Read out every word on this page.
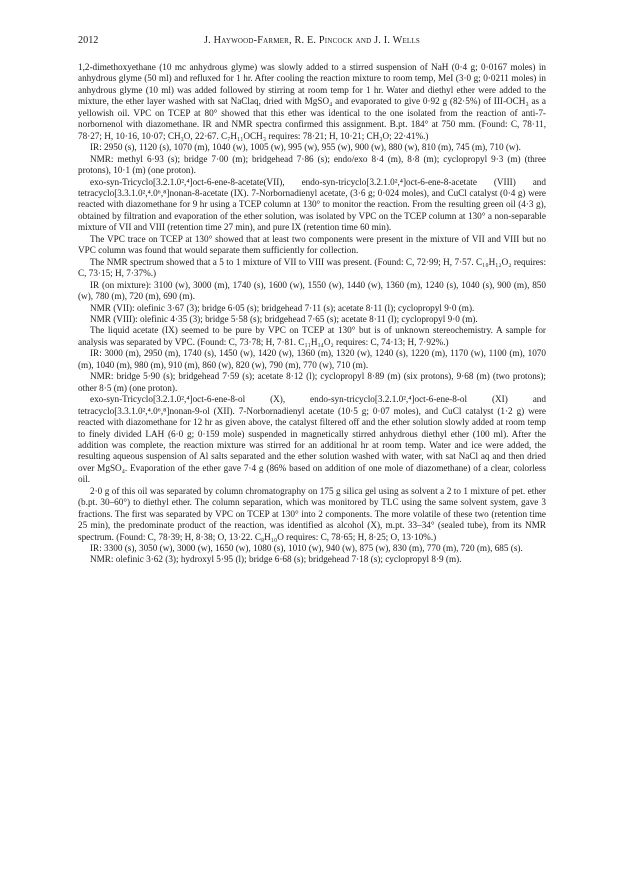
2012	J. Haywood-Farmer, R. E. Pincock and J. I. Wells

1,2-dimethoxyethane (10 mc anhydrous glyme) was slowly added to a stirred suspension of NaH (0·4 g; 0·0167 moles) in anhydrous glyme (50 ml) and refluxed for 1 hr. After cooling the reaction mixture to room temp, MeI (3·0 g; 0·0211 moles) in anhydrous glyme (10 ml) was added followed by stirring at room temp for 1 hr. Water and diethyl ether were added to the mixture, the ether layer washed with sat NaClaq, dried with MgSO₄ and evaporated to give 0·92 g (82·5%) of III-OCH₃ as a yellowish oil. VPC on TCEP at 80° showed that this ether was identical to the one isolated from the reaction of anti-7-norbornenol with diazomethane. IR and NMR spectra confirmed this assignment. B.pt. 184° at 750 mm. (Found: C, 78·11, 78·27; H, 10·16, 10·07; CH₃O, 22·67. C₇H₁₁OCH₃ requires: 78·21; H, 10·21; CH₃O; 22·41%.)

IR: 2950 (s), 1120 (s), 1070 (m), 1040 (w), 1005 (w), 995 (w), 955 (w), 900 (w), 880 (w), 810 (m), 745 (m), 710 (w).

NMR: methyl 6·93 (s); bridge 7·00 (m); bridgehead 7·86 (s); endo/exo 8·4 (m), 8·8 (m); cyclopropyl 9·3 (m) (three protons), 10·1 (m) (one proton).

exo-syn-Tricyclo[3.2.1.0²,⁴]oct-6-ene-8-acetate(VII), endo-syn-tricyclo[3.2.1.0²,⁴]oct-6-ene-8-acetate (VIII) and tetracyclo[3.3.1.0²,⁴.0⁶,⁸]nonan-8-acetate (IX). 7-Norbornadienyl acetate, (3·6 g; 0·024 moles), and CuCl catalyst (0·4 g) were reacted with diazomethane for 9 hr using a TCEP column at 130° to monitor the reaction. From the resulting green oil (4·3 g), obtained by filtration and evaporation of the ether solution, was isolated by VPC on the TCEP column at 130° a non-separable mixture of VII and VIII (retention time 27 min), and pure IX (retention time 60 min).

The VPC trace on TCEP at 130° showed that at least two components were present in the mixture of VII and VIII but no VPC column was found that would separate them sufficiently for collection.

The NMR spectrum showed that a 5 to 1 mixture of VII to VIII was present. (Found: C, 72·99; H, 7·57. C₁₀H₁₂O₂ requires: C, 73·15; H, 7·37%.)

IR (on mixture): 3100 (w), 3000 (m), 1740 (s), 1600 (w), 1550 (w), 1440 (w), 1360 (m), 1240 (s), 1040 (s), 900 (m), 850 (w), 780 (m), 720 (m), 690 (m).

NMR (VII): olefinic 3·67 (3); bridge 6·05 (s); bridgehead 7·11 (s); acetate 8·11 (l); cyclopropyl 9·0 (m).

NMR (VIII): olefinic 4·35 (3); bridge 5·58 (s); bridgehead 7·65 (s); acetate 8·11 (l); cyclopropyl 9·0 (m).

The liquid acetate (IX) seemed to be pure by VPC on TCEP at 130° but is of unknown stereochemistry. A sample for analysis was separated by VPC. (Found: C, 73·78; H, 7·81. C₁₁H₁₄O₂ requires: C, 74·13; H, 7·92%.)

IR: 3000 (m), 2950 (m), 1740 (s), 1450 (w), 1420 (w), 1360 (m), 1320 (w), 1240 (s), 1220 (m), 1170 (w), 1100 (m), 1070 (m), 1040 (m), 980 (m), 910 (m), 860 (w), 820 (w), 790 (m), 770 (w), 710 (m).

NMR: bridge 5·90 (s); bridgehead 7·59 (s); acetate 8·12 (l); cyclopropyl 8·89 (m) (six protons), 9·68 (m) (two protons); other 8·5 (m) (one proton).

exo-syn-Tricyclo[3.2.1.0²,⁴]oct-6-ene-8-ol (X), endo-syn-tricyclo[3.2.1.0²,⁴]oct-6-ene-8-ol (XI) and tetracyclo[3.3.1.0²,⁴.0⁶,⁸]nonan-9-ol (XII). 7-Norbornadienyl acetate (10·5 g; 0·07 moles), and CuCl catalyst (1·2 g) were reacted with diazomethane for 12 hr as given above, the catalyst filtered off and the ether solution slowly added at room temp to finely divided LAH (6·0 g; 0·159 mole) suspended in magnetically stirred anhydrous diethyl ether (100 ml). After the addition was complete, the reaction mixture was stirred for an additional hr at room temp. Water and ice were added, the resulting aqueous suspension of Al salts separated and the ether solution washed with water, with sat NaCl aq and then dried over MgSO₄. Evaporation of the ether gave 7·4 g (86% based on addition of one mole of diazomethane) of a clear, colorless oil.

2·0 g of this oil was separated by column chromatography on 175 g silica gel using as solvent a 2 to 1 mixture of pet. ether (b.pt. 30–60°) to diethyl ether. The column separation, which was monitored by TLC using the same solvent system, gave 3 fractions. The first was separated by VPC on TCEP at 130° into 2 components. The more volatile of these two (retention time 25 min), the predominate product of the reaction, was identified as alcohol (X), m.pt. 33–34° (sealed tube), from its NMR spectrum. (Found: C, 78·39; H, 8·38; O, 13·22. C₈H₁₀O requires: C, 78·65; H, 8·25; O, 13·10%.)

IR: 3300 (s), 3050 (w), 3000 (w), 1650 (w), 1080 (s), 1010 (w), 940 (w), 875 (w), 830 (m), 770 (m), 720 (m), 685 (s).

NMR: olefinic 3·62 (3); hydroxyl 5·95 (l); bridge 6·68 (s); bridgehead 7·18 (s); cyclopropyl 8·9 (m).
